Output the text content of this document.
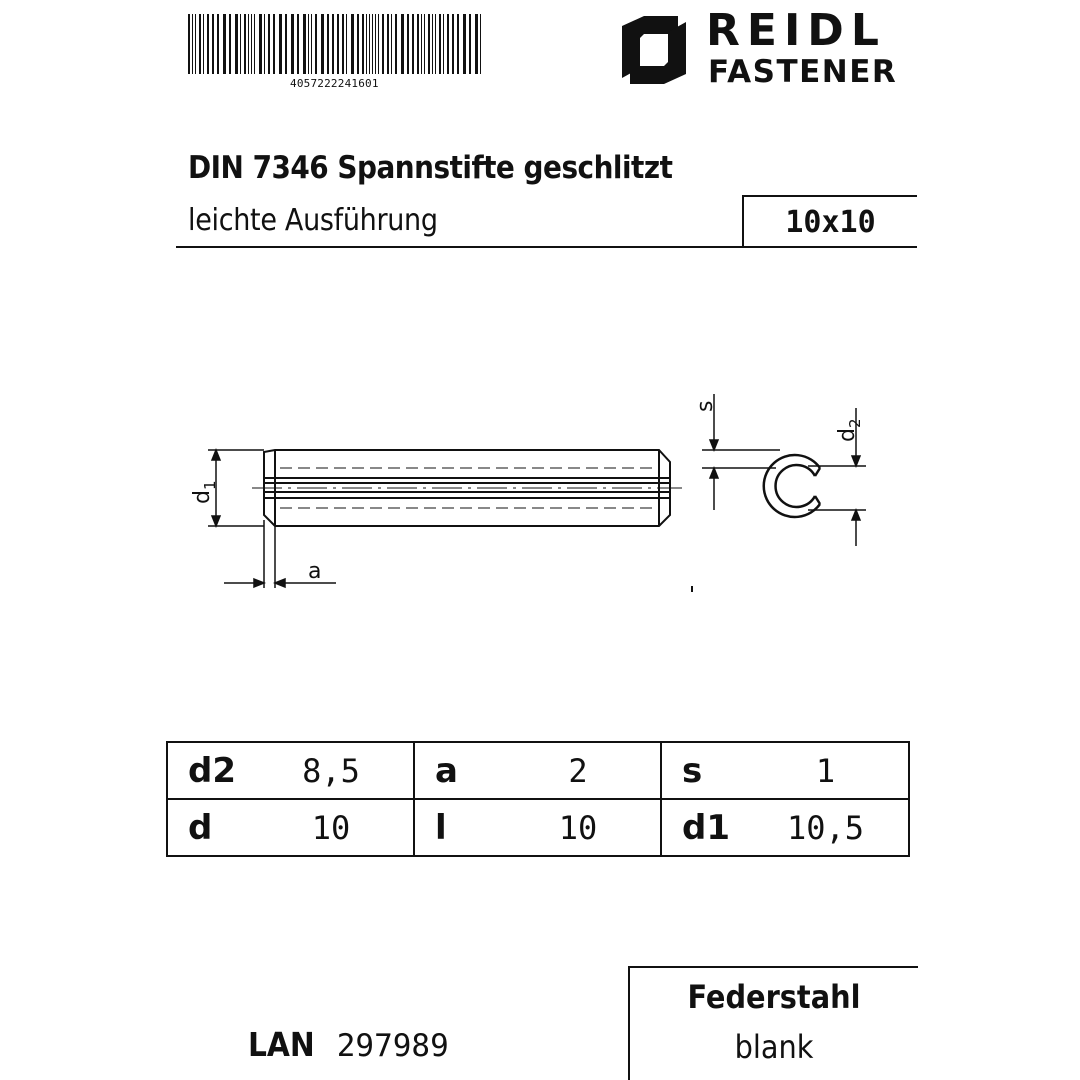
4057222241601
REIDL
FASTENER
DIN 7346 Spannstifte geschlitzt
leichte Ausführung	10x10
$d_1$
a
s
$d_2$
d2	8,5	a	2	s	1
d	10	l	10	d1	10,5
LAN 297989
Federstahl
blank
